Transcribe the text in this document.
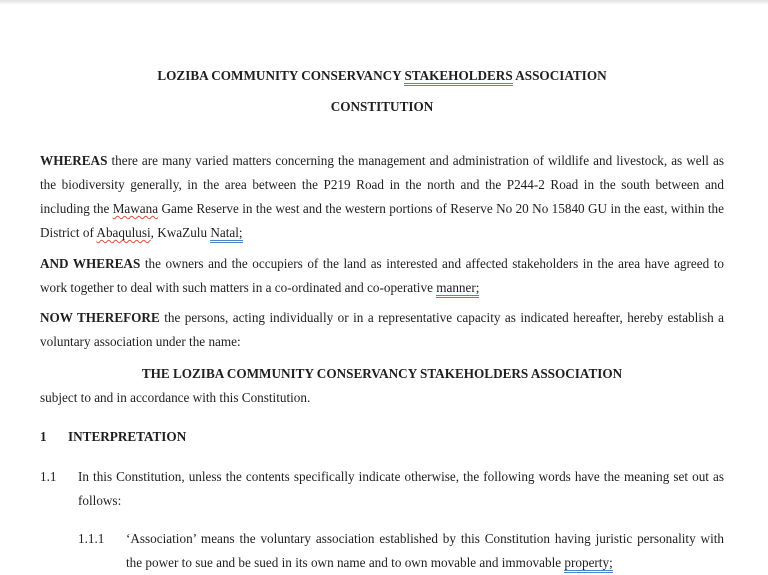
LOZIBA COMMUNITY CONSERVANCY STAKEHOLDERS ASSOCIATION
CONSTITUTION
WHEREAS there are many varied matters concerning the management and administration of wildlife and livestock, as well as the biodiversity generally, in the area between the P219 Road in the north and the P244-2 Road in the south between and including the Mawana Game Reserve in the west and the western portions of Reserve No 20 No 15840 GU in the east, within the District of Abaqulusi, KwaZulu Natal;
AND WHEREAS the owners and the occupiers of the land as interested and affected stakeholders in the area have agreed to work together to deal with such matters in a co-ordinated and co-operative manner;
NOW THEREFORE the persons, acting individually or in a representative capacity as indicated hereafter, hereby establish a voluntary association under the name:
THE LOZIBA COMMUNITY CONSERVANCY STAKEHOLDERS ASSOCIATION
subject to and in accordance with this Constitution.
1 INTERPRETATION
1.1 In this Constitution, unless the contents specifically indicate otherwise, the following words have the meaning set out as follows:
1.1.1 ‘Association’ means the voluntary association established by this Constitution having juristic personality with the power to sue and be sued in its own name and to own movable and immovable property;
